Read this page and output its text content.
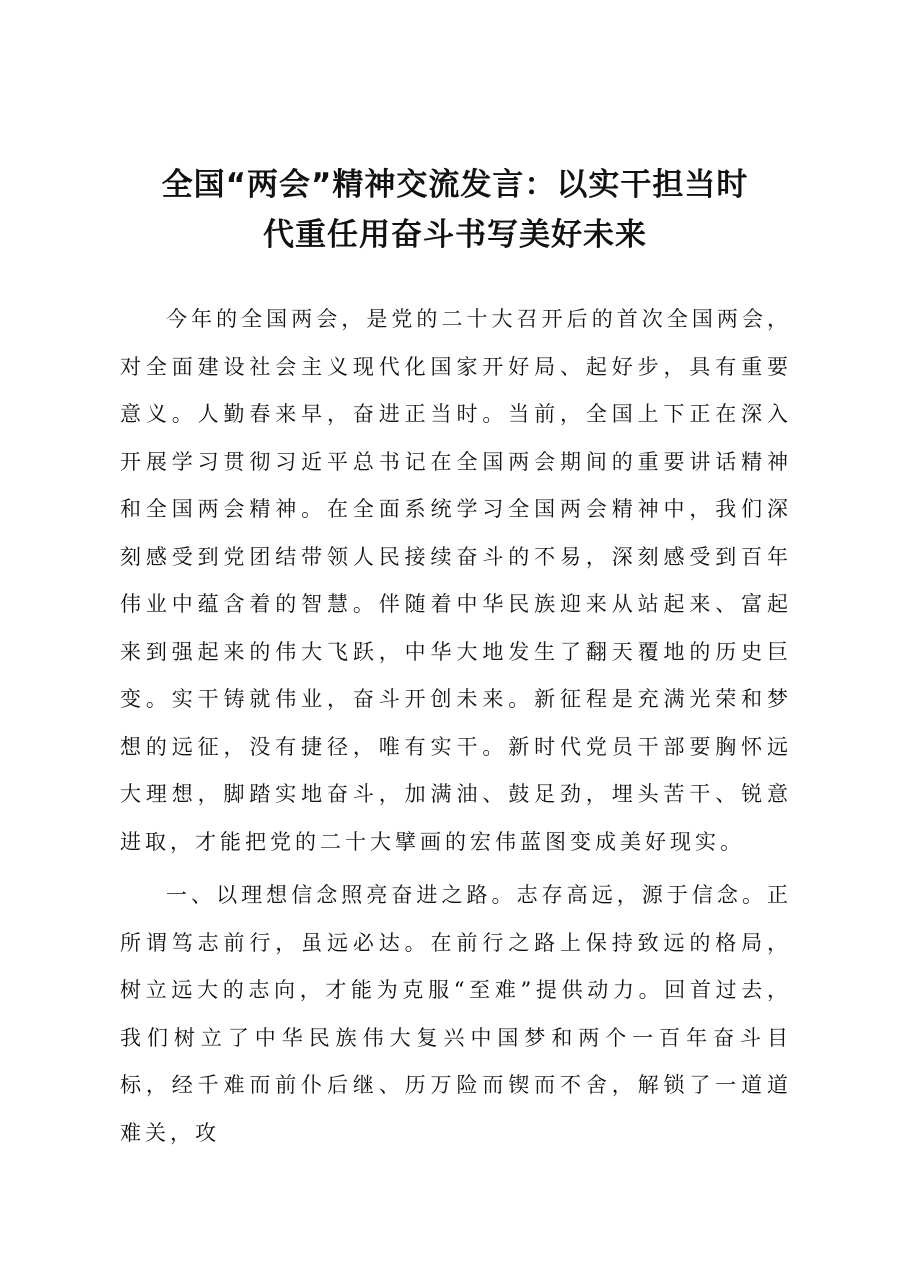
全国“两会”精神交流发言：以实干担当时
代重任用奋斗书写美好未来

今年的全国两会，是党的二十大召开后的首次全国两会，对全面建设社会主义现代化国家开好局、起好步，具有重要意义。人勤春来早，奋进正当时。当前，全国上下正在深入开展学习贯彻习近平总书记在全国两会期间的重要讲话精神和全国两会精神。在全面系统学习全国两会精神中，我们深刻感受到党团结带领人民接续奋斗的不易，深刻感受到百年伟业中蕴含着的智慧。伴随着中华民族迎来从站起来、富起来到强起来的伟大飞跃，中华大地发生了翻天覆地的历史巨变。实干铸就伟业，奋斗开创未来。新征程是充满光荣和梦想的远征，没有捷径，唯有实干。新时代党员干部要胸怀远大理想，脚踏实地奋斗，加满油、鼓足劲，埋头苦干、锐意进取，才能把党的二十大擘画的宏伟蓝图变成美好现实。

一、以理想信念照亮奋进之路。志存高远，源于信念。正所谓笃志前行，虽远必达。在前行之路上保持致远的格局，树立远大的志向，才能为克服“至难”提供动力。回首过去，我们树立了中华民族伟大复兴中国梦和两个一百年奋斗目标，经千难而前仆后继、历万险而锲而不舍，解锁了一道道难关，攻
